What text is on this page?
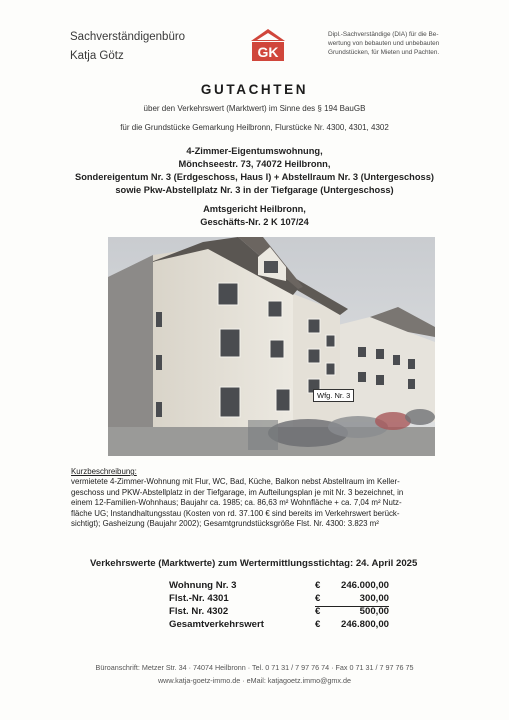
Sachverständigenbüro
Katja Götz	GK
Dipl.-Sachverständige (DIA) für die Be-
wertung von bebauten und unbebauten
Grundstücken, für Mieten und Pachten.
GUTACHTEN
über den Verkehrswert (Marktwert) im Sinne des § 194 BauGB
für die Grundstücke Gemarkung Heilbronn, Flurstücke Nr. 4300, 4301, 4302
4-Zimmer-Eigentumswohnung,
Mönchseestr. 73, 74072 Heilbronn,
Sondereigentum Nr. 3 (Erdgeschoss, Haus I) + Abstellraum Nr. 3 (Untergeschoss)
sowie Pkw-Abstellplatz Nr. 3 in der Tiefgarage (Untergeschoss)
Amtsgericht Heilbronn,
Geschäfts-Nr. 2 K 107/24
Wfg. Nr. 3
Kurzbeschreibung:
vermietete 4-Zimmer-Wohnung mit Flur, WC, Bad, Küche, Balkon nebst Abstellraum im Keller-
geschoss und PKW-Abstellplatz in der Tiefgarage, im Aufteilungsplan je mit Nr. 3 bezeichnet, in
einem 12-Familien-Wohnhaus; Baujahr ca. 1985; ca. 86,63 m² Wohnfläche + ca. 7,04 m² Nutz-
fläche UG; Instandhaltungsstau (Kosten von rd. 37.100 € sind bereits im Verkehrswert berück-
sichtigt); Gasheizung (Baujahr 2002); Gesamtgrundstücksgröße Flst. Nr. 4300: 3.823 m²
Verkehrswerte (Marktwerte) zum Wertermittlungsstichtag: 24. April 2025
Wohnung Nr. 3	€ 246.000,00
Flst.-Nr. 4301	€	300,00
Flst. Nr. 4302	€	500,00
Gesamtverkehrswert	€ 246.800,00
Büroanschrift: Metzer Str. 34 · 74074 Heilbronn · Tel. 0 71 31 / 7 97 76 74 · Fax 0 71 31 / 7 97 76 75
www.katja-goetz-immo.de · eMail: katjagoetz.immo@gmx.de
